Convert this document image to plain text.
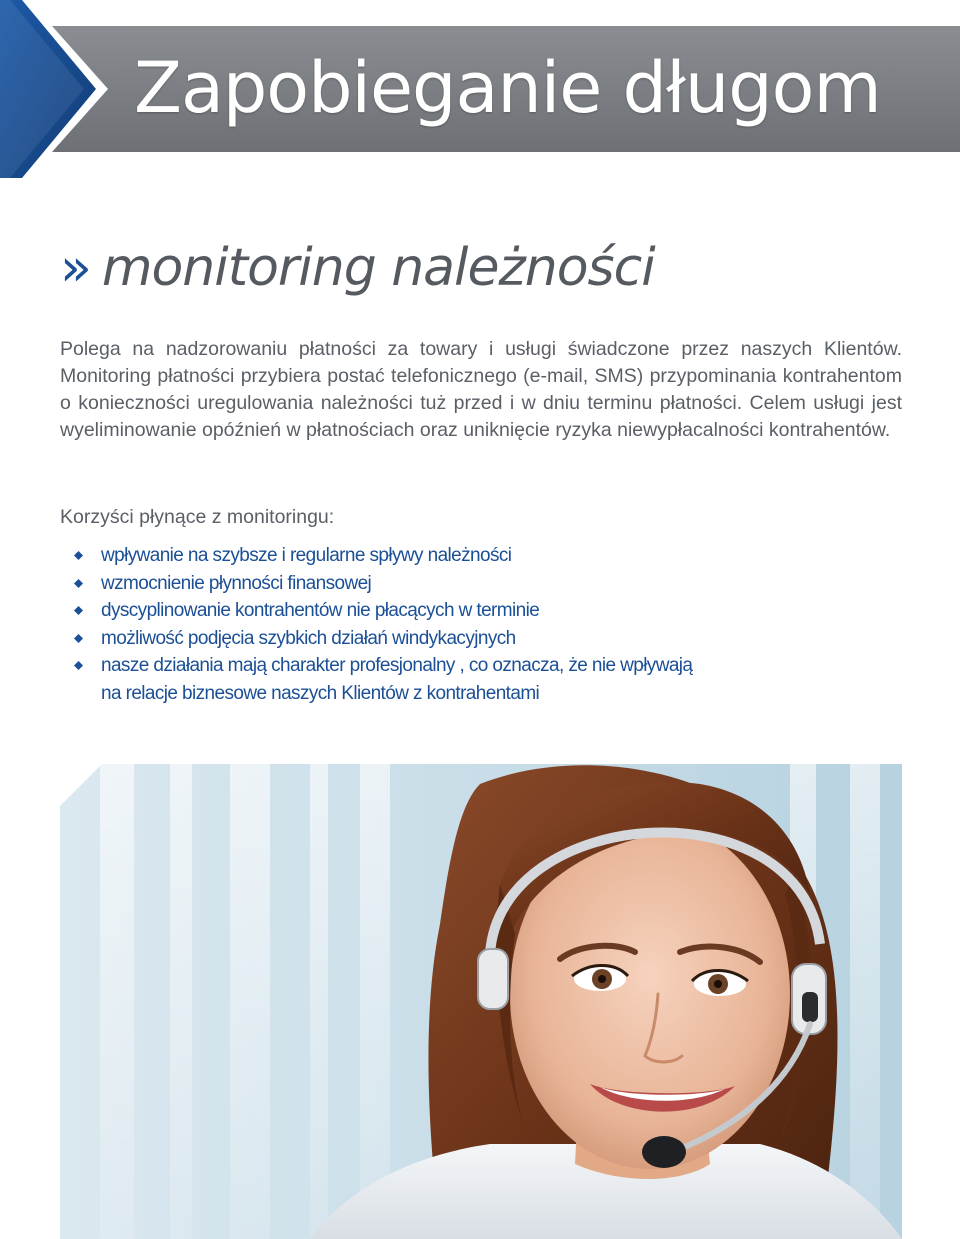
Zapobieganie długom
» monitoring należności

Polega na nadzorowaniu płatności za towary i usługi świadczone przez naszych Klientów. Monitoring płatności przybiera postać telefonicznego (e-mail, SMS) przypominania kontrahentom o konieczności uregulowania należności tuż przed i w dniu terminu płatności. Celem usługi jest wyeliminowanie opóźnień w płatnościach oraz uniknięcie ryzyka niewypłacalności kontrahentów.

Korzyści płynące z monitoringu:

wpływanie na szybsze i regularne spływy należności
wzmocnienie płynności finansowej
dyscyplinowanie kontrahentów nie płacących w terminie
możliwość podjęcia szybkich działań windykacyjnych
nasze działania mają charakter profesjonalny , co oznacza, że nie wpływają na relacje biznesowe naszych Klientów z kontrahentami
